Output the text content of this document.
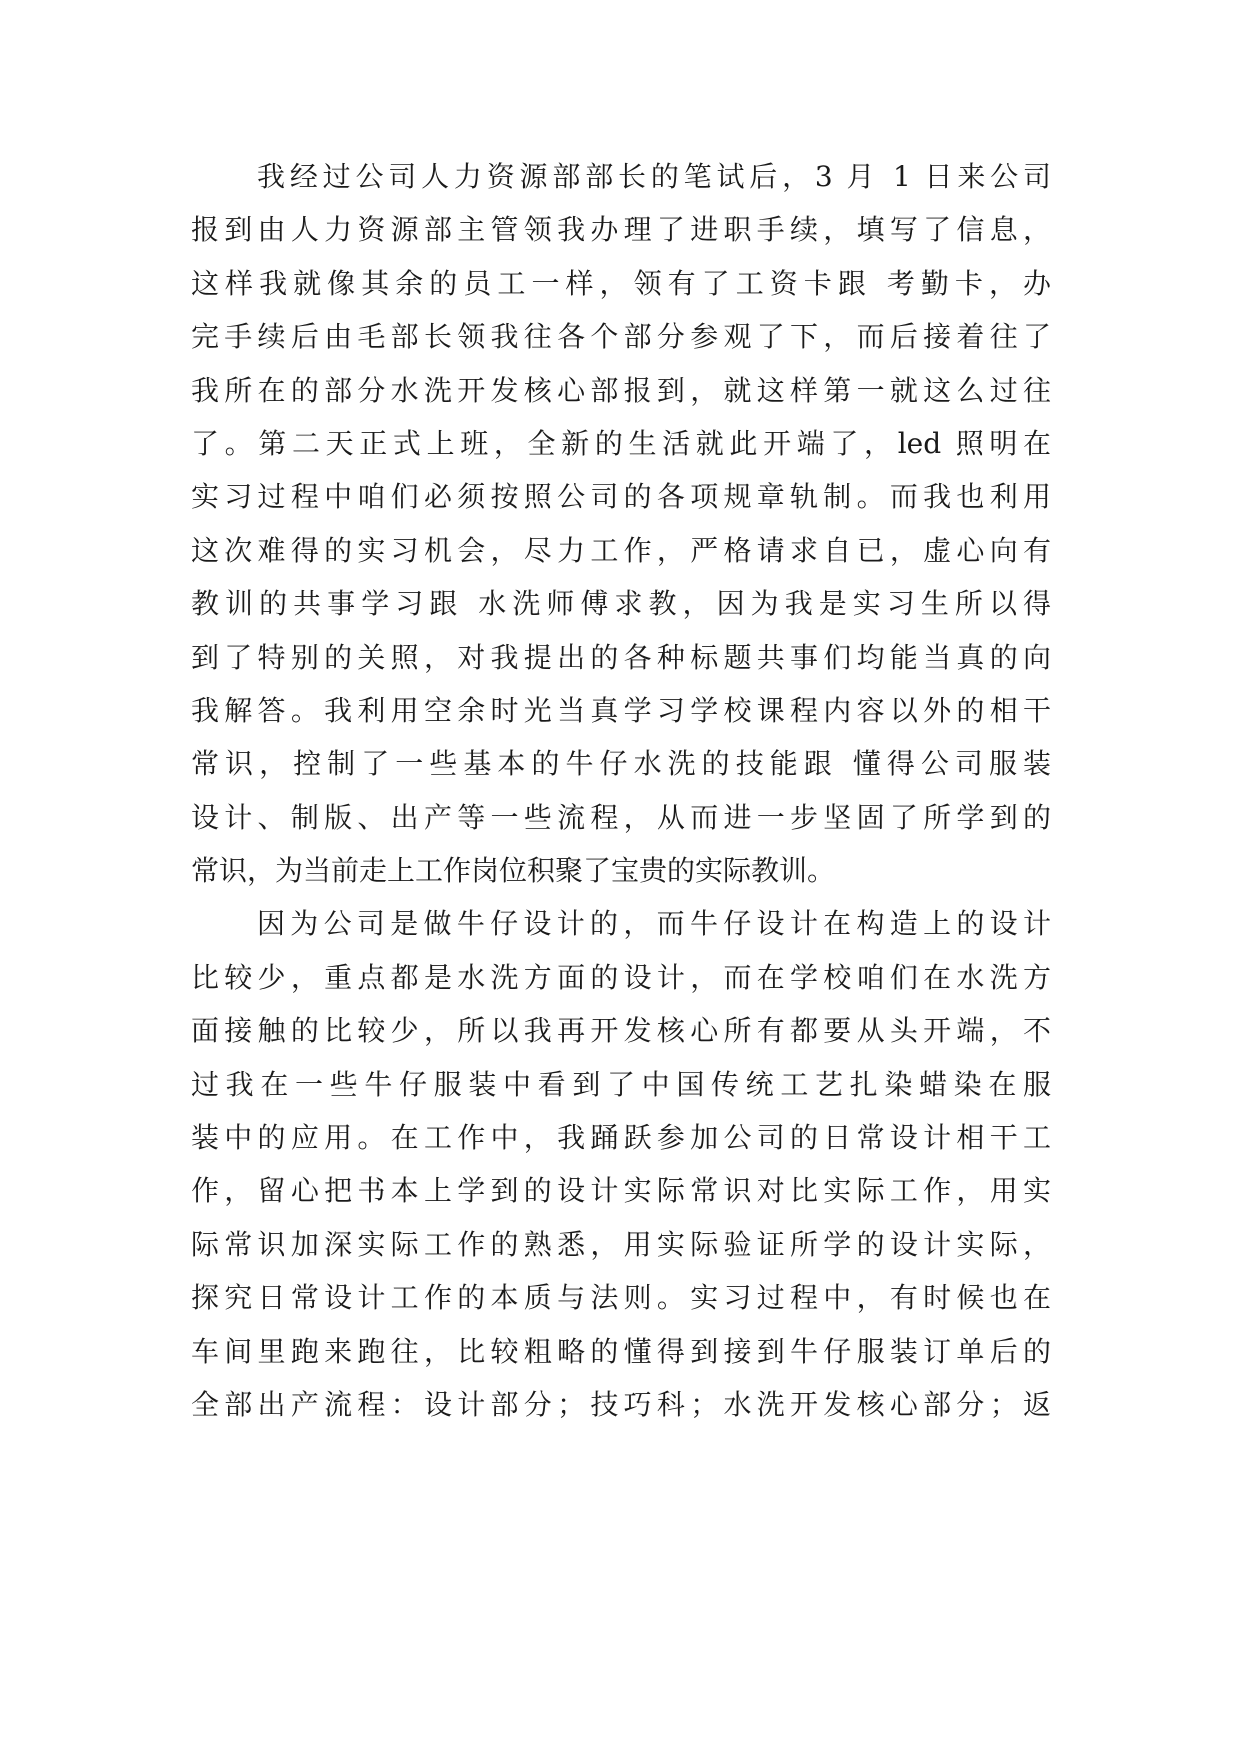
我经过公司人力资源部部长的笔试后，3 月 1 日来公司
报到由人力资源部主管领我办理了进职手续，填写了信息，
这样我就像其余的员工一样，领有了工资卡跟 考勤卡，办
完手续后由毛部长领我往各个部分参观了下，而后接着往了
我所在的部分水洗开发核心部报到，就这样第一就这么过往
了。第二天正式上班，全新的生活就此开端了，led 照明在
实习过程中咱们必须按照公司的各项规章轨制。而我也利用
这次难得的实习机会，尽力工作，严格请求自已，虚心向有
教训的共事学习跟 水洗师傅求教，因为我是实习生所以得
到了特别的关照，对我提出的各种标题共事们均能当真的向
我解答。我利用空余时光当真学习学校课程内容以外的相干
常识，控制了一些基本的牛仔水洗的技能跟 懂得公司服装
设计、制版、出产等一些流程，从而进一步坚固了所学到的
常识，为当前走上工作岗位积聚了宝贵的实际教训。
因为公司是做牛仔设计的，而牛仔设计在构造上的设计
比较少，重点都是水洗方面的设计，而在学校咱们在水洗方
面接触的比较少，所以我再开发核心所有都要从头开端，不
过我在一些牛仔服装中看到了中国传统工艺扎染蜡染在服
装中的应用。在工作中，我踊跃参加公司的日常设计相干工
作，留心把书本上学到的设计实际常识对比实际工作，用实
际常识加深实际工作的熟悉，用实际验证所学的设计实际，
探究日常设计工作的本质与法则。实习过程中，有时候也在
车间里跑来跑往，比较粗略的懂得到接到牛仔服装订单后的
全部出产流程：设计部分；技巧科；水洗开发核心部分；返
